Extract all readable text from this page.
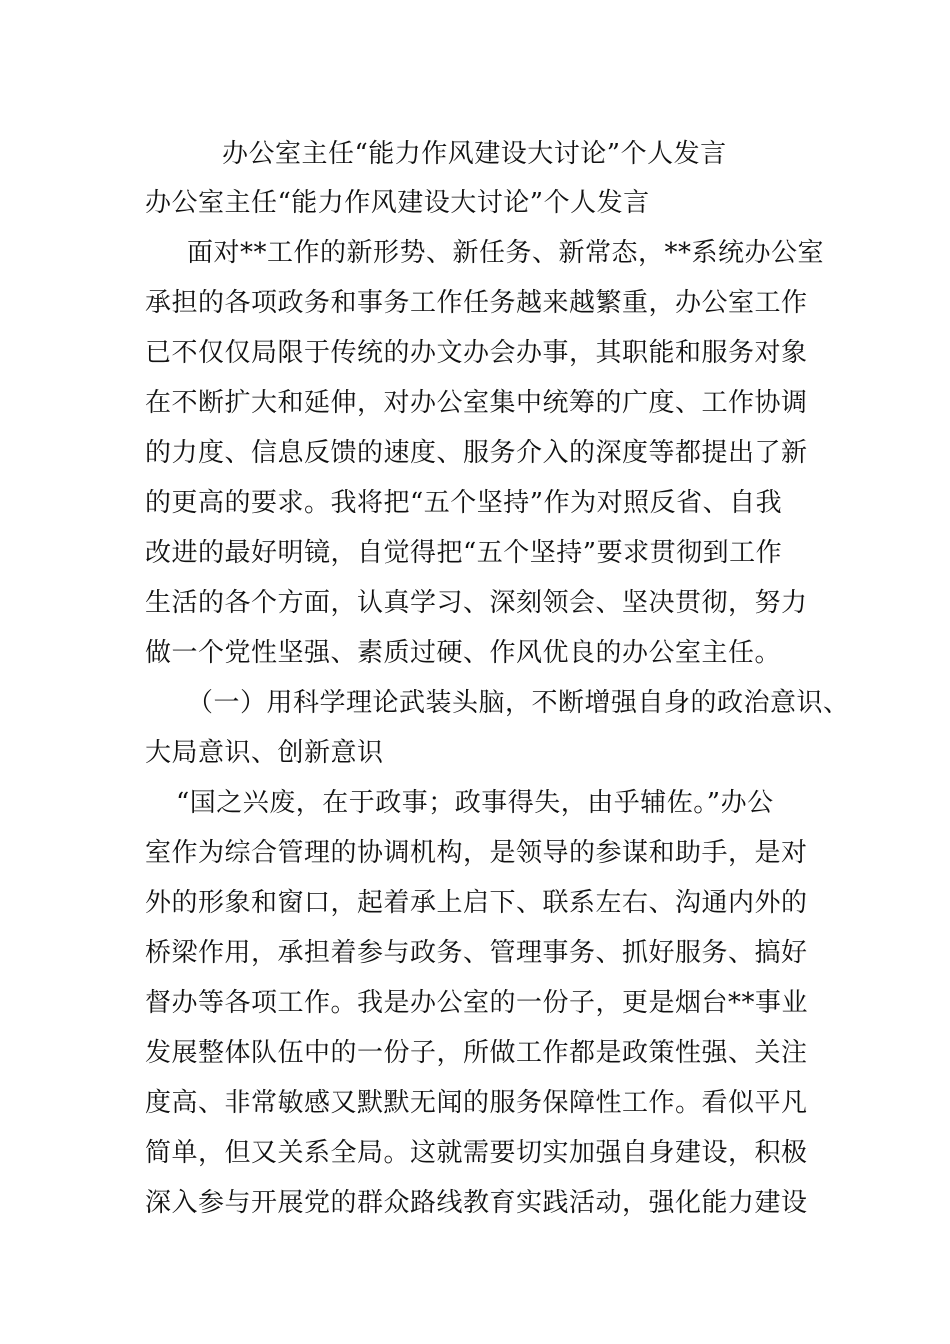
办公室主任“能力作风建设大讨论”个人发言
办公室主任“能力作风建设大讨论”个人发言
面对**工作的新形势、新任务、新常态，**系统办公室
承担的各项政务和事务工作任务越来越繁重，办公室工作
已不仅仅局限于传统的办文办会办事，其职能和服务对象
在不断扩大和延伸，对办公室集中统筹的广度、工作协调
的力度、信息反馈的速度、服务介入的深度等都提出了新
的更高的要求。我将把“五个坚持”作为对照反省、自我
改进的最好明镜，自觉得把“五个坚持”要求贯彻到工作
生活的各个方面，认真学习、深刻领会、坚决贯彻，努力
做一个党性坚强、素质过硬、作风优良的办公室主任。
（一）用科学理论武装头脑，不断增强自身的政治意识、
大局意识、创新意识
“国之兴废，在于政事；政事得失，由乎辅佐。”办公
室作为综合管理的协调机构，是领导的参谋和助手，是对
外的形象和窗口，起着承上启下、联系左右、沟通内外的
桥梁作用，承担着参与政务、管理事务、抓好服务、搞好
督办等各项工作。我是办公室的一份子，更是烟台**事业
发展整体队伍中的一份子，所做工作都是政策性强、关注
度高、非常敏感又默默无闻的服务保障性工作。看似平凡
简单，但又关系全局。这就需要切实加强自身建设，积极
深入参与开展党的群众路线教育实践活动，强化能力建设
